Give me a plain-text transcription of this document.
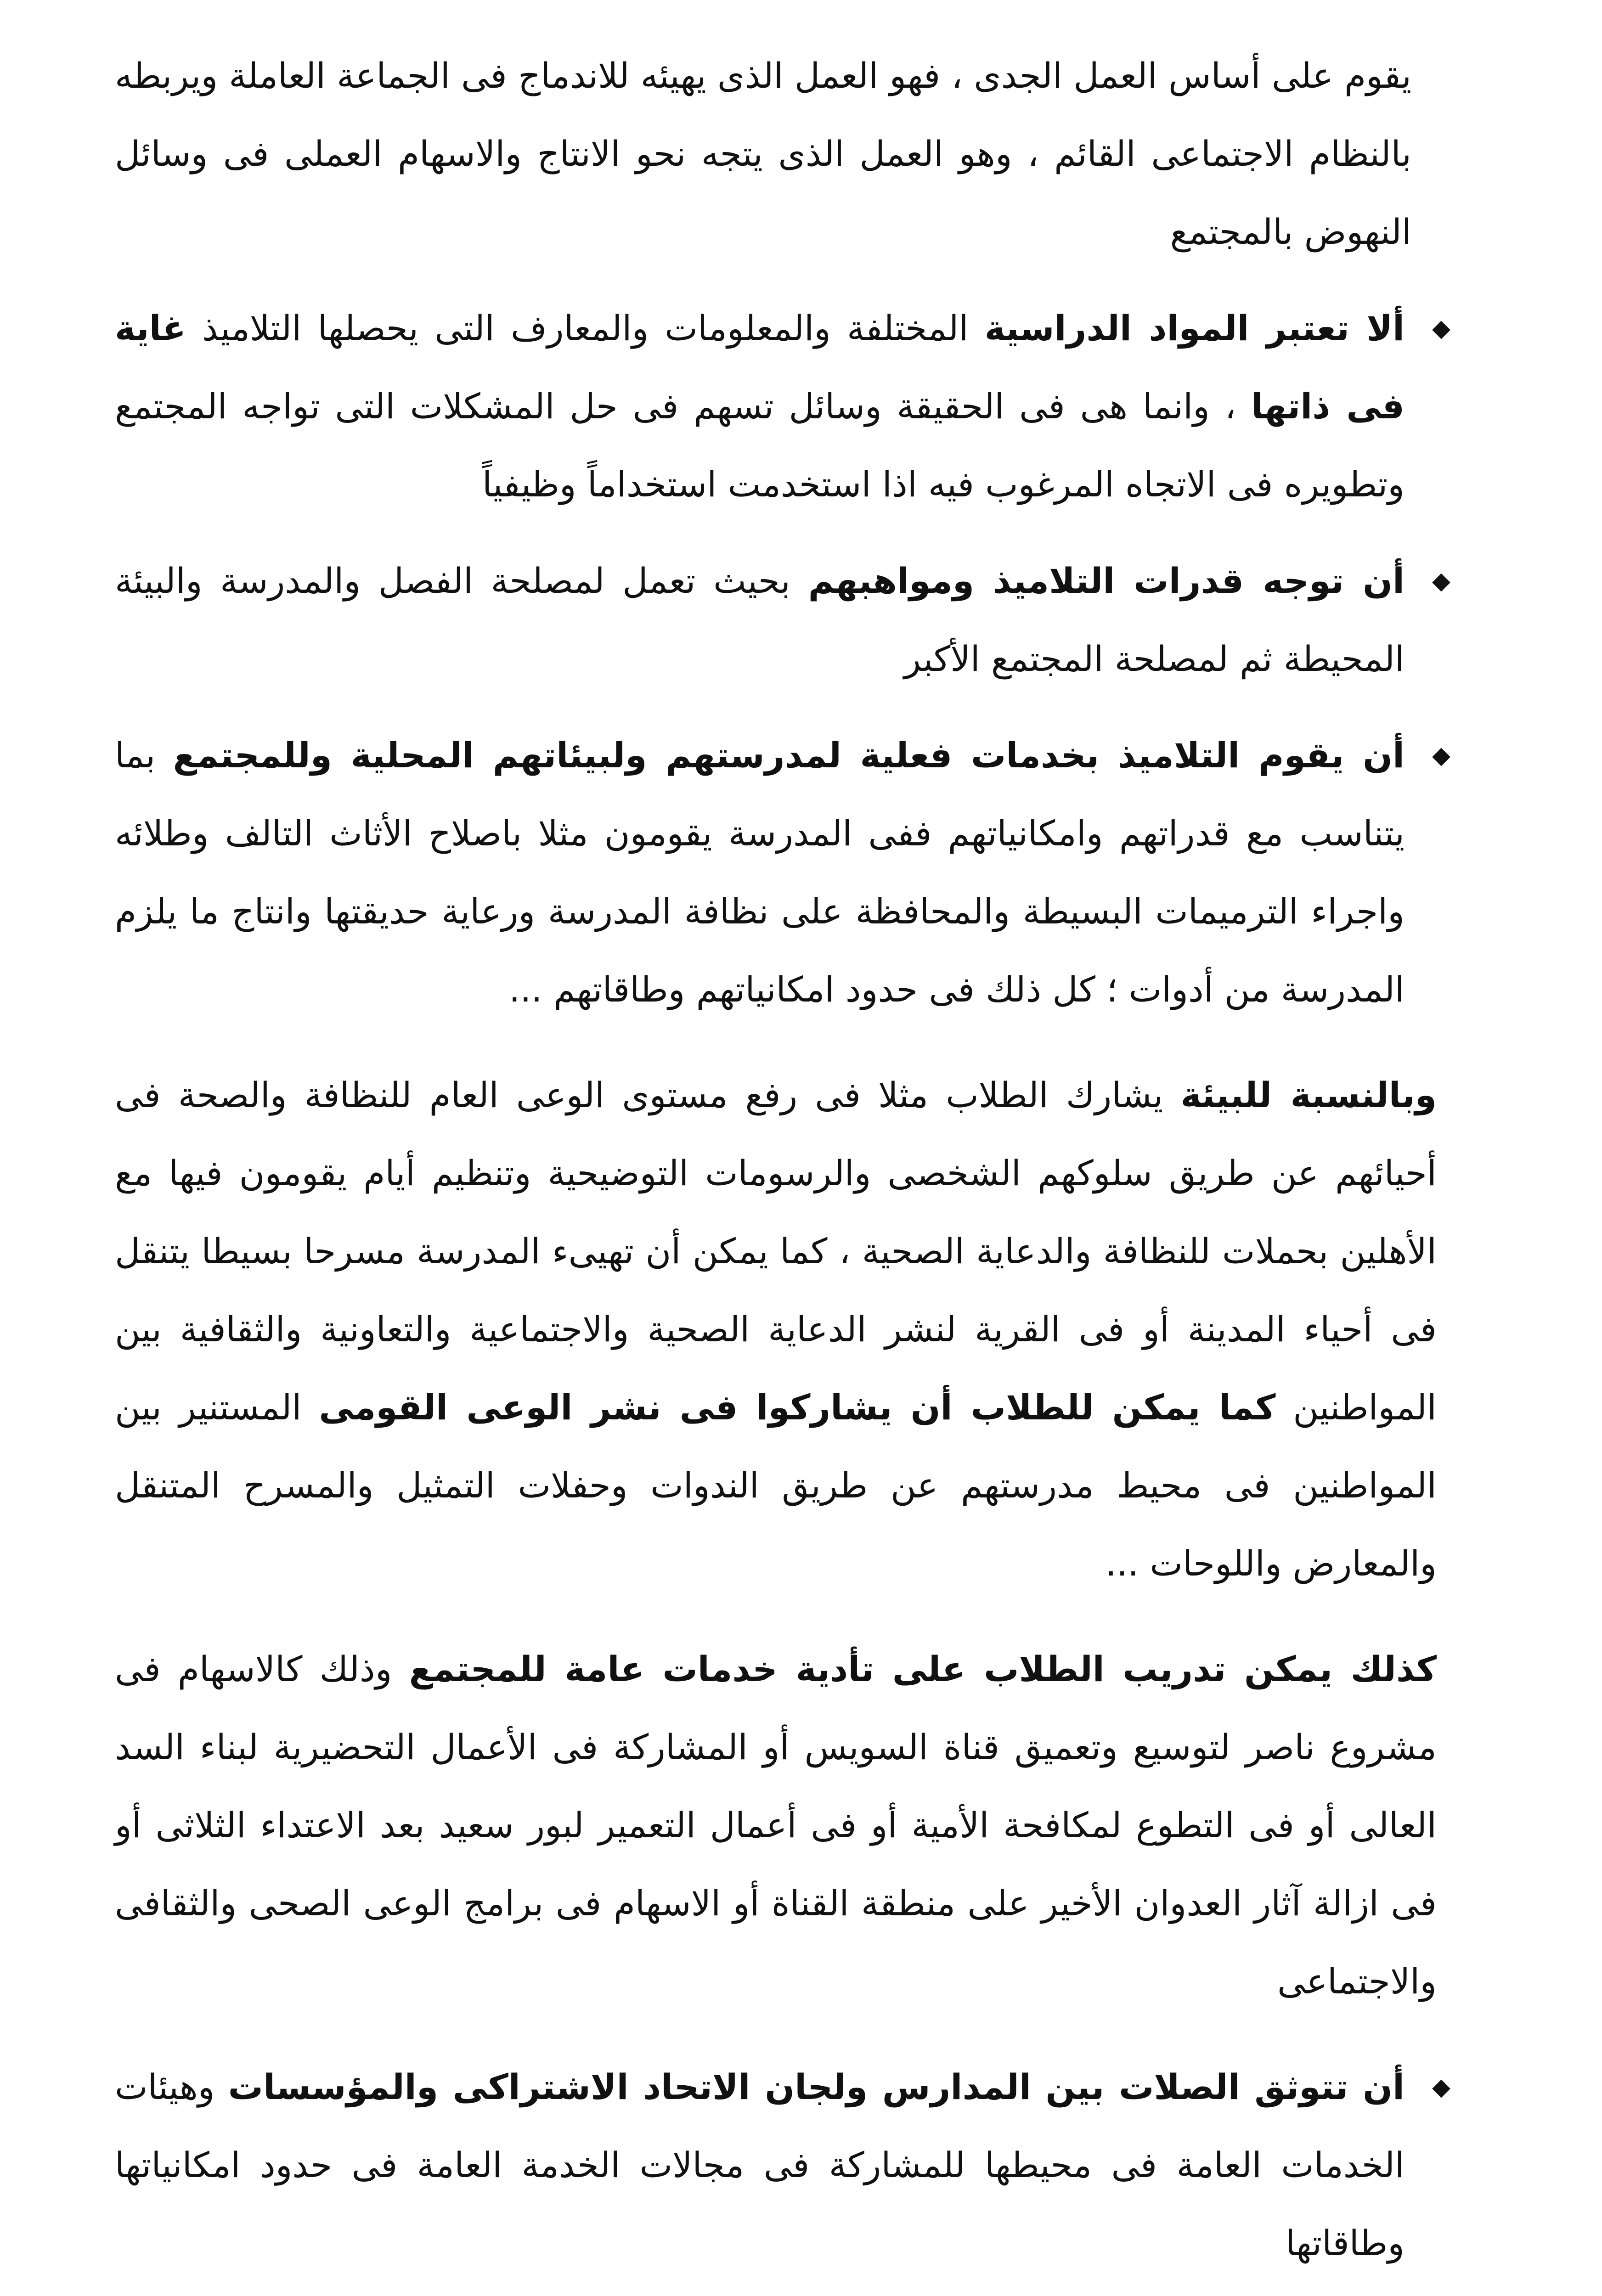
يقوم على أساس العمل الجدى ، فهو العمل الذى يهيئه للاندماج فى الجماعة العاملة ويربطه بالنظام الاجتماعى القائم ، وهو العمل الذى يتجه نحو الانتاج والاسهام العملى فى وسائل النهوض بالمجتمع

◆
ألا تعتبر المواد الدراسية المختلفة والمعلومات والمعارف التى يحصلها التلاميذ غاية فى ذاتها ، وانما هى فى الحقيقة وسائل تسهم فى حل المشكلات التى تواجه المجتمع وتطويره فى الاتجاه المرغوب فيه اذا استخدمت استخداماً وظيفياً
◆
أن توجه قدرات التلاميذ ومواهبهم بحيث تعمل لمصلحة الفصل والمدرسة والبيئة المحيطة ثم لمصلحة المجتمع الأكبر
◆
أن يقوم التلاميذ بخدمات فعلية لمدرستهم ولبيئاتهم المحلية وللمجتمع بما يتناسب مع قدراتهم وامكانياتهم ففى المدرسة يقومون مثلا باصلاح الأثاث التالف وطلائه واجراء الترميمات البسيطة والمحافظة على نظافة المدرسة ورعاية حديقتها وانتاج ما يلزم المدرسة من أدوات ؛ كل ذلك فى حدود امكانياتهم وطاقاتهم ...

وبالنسبة للبيئة يشارك الطلاب مثلا فى رفع مستوى الوعى العام للنظافة والصحة فى أحيائهم عن طريق سلوكهم الشخصى والرسومات التوضيحية وتنظيم أيام يقومون فيها مع الأهلين بحملات للنظافة والدعاية الصحية ، كما يمكن أن تهيىء المدرسة مسرحا بسيطا يتنقل فى أحياء المدينة أو فى القرية لنشر الدعاية الصحية والاجتماعية والتعاونية والثقافية بين المواطنين كما يمكن للطلاب أن يشاركوا فى نشر الوعى القومى المستنير بين المواطنين فى محيط مدرستهم عن طريق الندوات وحفلات التمثيل والمسرح المتنقل والمعارض واللوحات ...

كذلك يمكن تدريب الطلاب على تأدية خدمات عامة للمجتمع وذلك كالاسهام فى مشروع ناصر لتوسيع وتعميق قناة السويس أو المشاركة فى الأعمال التحضيرية لبناء السد العالى أو فى التطوع لمكافحة الأمية أو فى أعمال التعمير لبور سعيد بعد الاعتداء الثلاثى أو فى ازالة آثار العدوان الأخير على منطقة القناة أو الاسهام فى برامج الوعى الصحى والثقافى والاجتماعى

◆
أن تتوثق الصلات بين المدارس ولجان الاتحاد الاشتراكى والمؤسسات وهيئات الخدمات العامة فى محيطها للمشاركة فى مجالات الخدمة العامة فى حدود امكانياتها وطاقاتها
